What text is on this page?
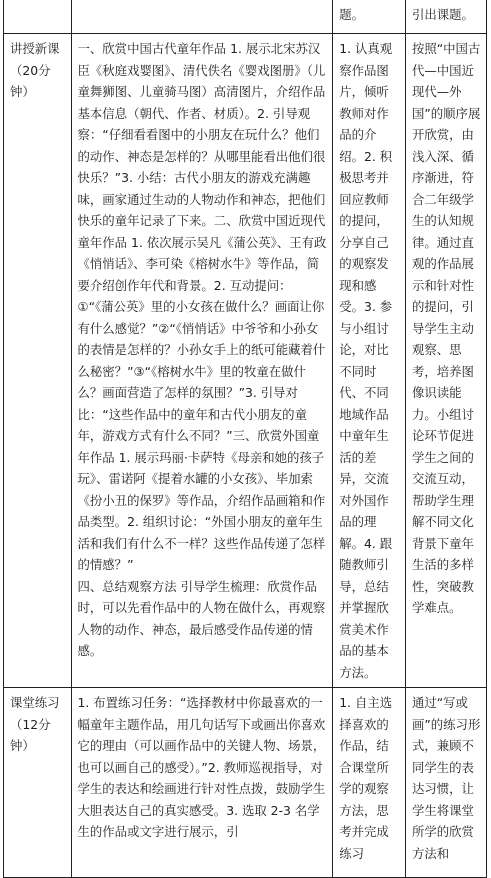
		题。	引出课题。

讲授新课（20分钟）	一、欣赏中国古代童年作品 1. 展示北宋苏汉臣《秋庭戏婴图》、清代佚名《婴戏图册》（儿童舞狮图、儿童骑马图）高清图片，介绍作品基本信息（朝代、作者、材质）。2. 引导观察：“仔细看看图中的小朋友在玩什么？他们的动作、神态是怎样的？从哪里能看出他们很快乐？”3. 小结：古代小朋友的游戏充满趣味，画家通过生动的人物动作和神态，把他们快乐的童年记录了下来。二、欣赏中国近现代童年作品 1. 依次展示吴凡《蒲公英》、王有政《悄悄话》、李可染《榕树水牛》等作品，简要介绍创作年代和背景。2. 互动提问：①“《蒲公英》里的小女孩在做什么？画面让你有什么感觉？”②“《悄悄话》中爷爷和小孙女的表情是怎样的？小孙女手上的纸可能藏着什么秘密？”③“《榕树水牛》里的牧童在做什么？画面营造了怎样的氛围？”3. 引导对比：“这些作品中的童年和古代小朋友的童年，游戏方式有什么不同？”三、欣赏外国童年作品 1. 展示玛丽·卡萨特《母亲和她的孩子玩》、雷诺阿《提着水罐的小女孩》、毕加索《扮小丑的保罗》等作品，介绍作品画箱和作品类型。2. 组织讨论：“外国小朋友的童年生活和我们有什么不一样？这些作品传递了怎样的情感？”
四、总结观察方法 引导学生梳理：欣赏作品时，可以先看作品中的人物在做什么，再观察人物的动作、神态，最后感受作品传递的情感。	1. 认真观察作品图片，倾听教师对作品的介绍。2. 积极思考并回应教师的提问，分享自己的观察发现和感受。3. 参与小组讨论，对比不同时代、不同地域作品中童年生活的差异，交流对外国作品的理解。4. 跟随教师引导，总结并掌握欣赏美术作品的基本方法。	按照“中国古代—中国近现代—外国”的顺序展开欣赏，由浅入深、循序渐进，符合二年级学生的认知规律。通过直观的作品展示和针对性的提问，引导学生主动观察、思考，培养图像识读能力。小组讨论环节促进学生之间的交流互动，帮助学生理解不同文化背景下童年生活的多样性，突破教学难点。

课堂练习（12分钟）	1. 布置练习任务：“选择教材中你最喜欢的一幅童年主题作品，用几句话写下或画出你喜欢它的理由（可以画作品中的关键人物、场景，也可以画自己的感受）。”2. 教师巡视指导，对学生的表达和绘画进行针对性点拨，鼓励学生大胆表达自己的真实感受。3. 选取 2-3 名学生的作品或文字进行展示，引	1. 自主选择喜欢的作品，结合课堂所学的观察方法，思考并完成练习	通过“写或画”的练习形式，兼顾不同学生的表达习惯，让学生将课堂所学的欣赏方法和
